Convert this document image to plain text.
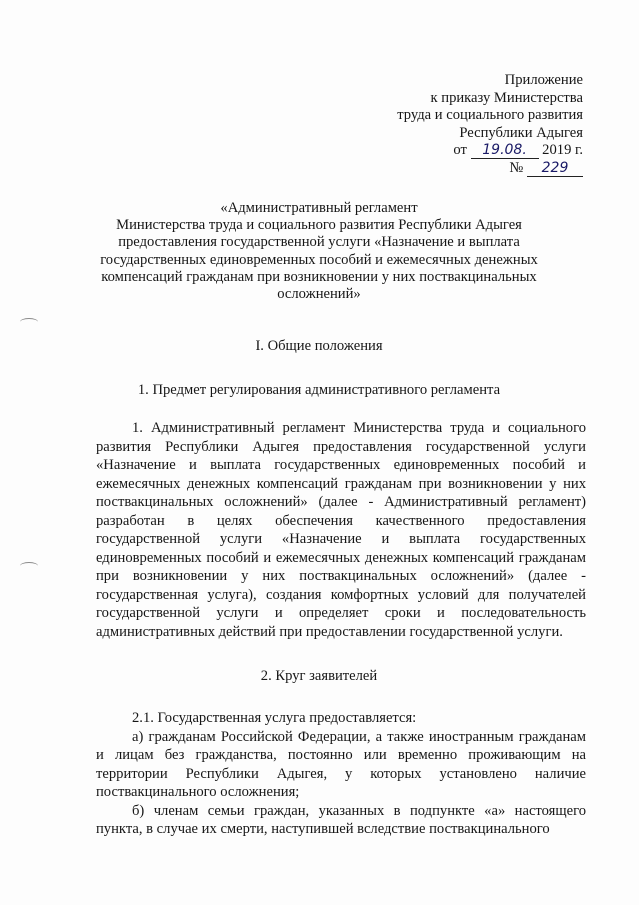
Приложение
к приказу Министерства
труда и социального развития
Республики Адыгея
от 19.08. 2019 г.
№ 229
«Административный регламент
Министерства труда и социального развития Республики Адыгея
предоставления государственной услуги «Назначение и выплата
государственных единовременных пособий и ежемесячных денежных
компенсаций гражданам при возникновении у них поствакцинальных
осложнений»
I. Общие положения
1. Предмет регулирования административного регламента

1. Административный регламент Министерства труда и социального развития Республики Адыгея предоставления государственной услуги «Назначение и выплата государственных единовременных пособий и ежемесячных денежных компенсаций гражданам при возникновении у них поствакцинальных осложнений» (далее - Административный регламент) разработан в целях обеспечения качественного предоставления государственной услуги «Назначение и выплата государственных единовременных пособий и ежемесячных денежных компенсаций гражданам при возникновении у них поствакцинальных осложнений» (далее - государственная услуга), создания комфортных условий для получателей государственной услуги и определяет сроки и последовательность административных действий при предоставлении государственной услуги.

2. Круг заявителей

2.1. Государственная услуга предоставляется:

а) гражданам Российской Федерации, а также иностранным гражданам и лицам без гражданства, постоянно или временно проживающим на территории Республики Адыгея, у которых установлено наличие поствакцинального осложнения;

б) членам семьи граждан, указанных в подпункте «а» настоящего пункта, в случае их смерти, наступившей вследствие поствакцинального
